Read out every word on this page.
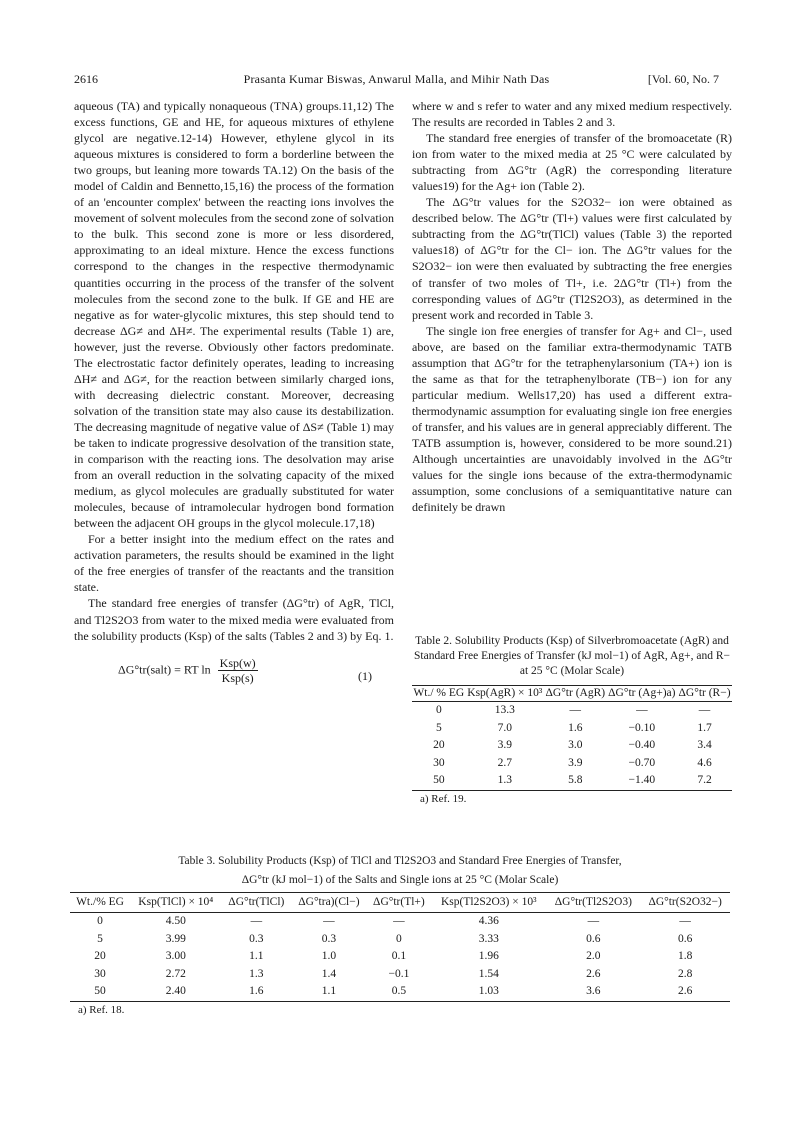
2616	Prasanta Kumar Biswas, Anwarul Malla, and Mihir Nath Das	[Vol. 60, No. 7

aqueous (TA) and typically nonaqueous (TNA) groups.11,12) The excess functions, GE and HE, for aqueous mixtures of ethylene glycol are negative.12-14) However, ethylene glycol in its aqueous mixtures is considered to form a borderline between the two groups, but leaning more towards TA.12) On the basis of the model of Caldin and Bennetto,15,16) the process of the formation of an 'encounter complex' between the reacting ions involves the movement of solvent molecules from the second zone of solvation to the bulk. This second zone is more or less disordered, approximating to an ideal mixture. Hence the excess functions correspond to the changes in the respective thermodynamic quantities occurring in the process of the transfer of the solvent molecules from the second zone to the bulk. If GE and HE are negative as for water-glycolic mixtures, this step should tend to decrease ΔG≠ and ΔH≠. The experimental results (Table 1) are, however, just the reverse. Obviously other factors predominate. The electrostatic factor definitely operates, leading to increasing ΔH≠ and ΔG≠, for the reaction between similarly charged ions, with decreasing dielectric constant. Moreover, decreasing solvation of the transition state may also cause its destabilization. The decreasing magnitude of negative value of ΔS≠ (Table 1) may be taken to indicate progressive desolvation of the transition state, in comparison with the reacting ions. The desolvation may arise from an overall reduction in the solvating capacity of the mixed medium, as glycol molecules are gradually substituted for water molecules, because of intramolecular hydrogen bond formation between the adjacent OH groups in the glycol molecule.17,18)

For a better insight into the medium effect on the rates and activation parameters, the results should be examined in the light of the free energies of transfer of the reactants and the transition state.

The standard free energies of transfer (ΔG°tr) of AgR, TlCl, and Tl2S2O3 from water to the mixed media were evaluated from the solubility products (Ksp) of the salts (Tables 2 and 3) by Eq. 1.

ΔG°tr(salt) = RT $\ln \frac{\text{Ksp(w)}}{\text{Ksp(s)}}$	(1)

where w and s refer to water and any mixed medium respectively. The results are recorded in Tables 2 and 3.

The standard free energies of transfer of the bromoacetate (R) ion from water to the mixed media at 25 °C were calculated by subtracting from ΔG°tr (AgR) the corresponding literature values19) for the Ag+ ion (Table 2).

The ΔG°tr values for the S2O32− ion were obtained as described below. The ΔG°tr (Tl+) values were first calculated by subtracting from the ΔG°tr(TlCl) values (Table 3) the reported values18) of ΔG°tr for the Cl− ion. The ΔG°tr values for the S2O32− ion were then evaluated by subtracting the free energies of transfer of two moles of Tl+, i.e. 2ΔG°tr (Tl+) from the corresponding values of ΔG°tr (Tl2S2O3), as determined in the present work and recorded in Table 3.

The single ion free energies of transfer for Ag+ and Cl−, used above, are based on the familiar extra-thermodynamic TATB assumption that ΔG°tr for the tetraphenylarsonium (TA+) ion is the same as that for the tetraphenylborate (TB−) ion for any particular medium. Wells17,20) has used a different extra-thermodynamic assumption for evaluating single ion free energies of transfer, and his values are in general appreciably different. The TATB assumption is, however, considered to be more sound.21) Although uncertainties are unavoidably involved in the ΔG°tr values for the single ions because of the extra-thermodynamic assumption, some conclusions of a semiquantitative nature can definitely be drawn

Table 2. Solubility Products (Ksp) of Silverbromoacetate (AgR) and Standard Free Energies of Transfer (kJ mol−1) of AgR, Ag+, and R− at 25 °C (Molar Scale)
Wt./ % EG	Ksp(AgR) × 10³	ΔG°tr (AgR)	ΔG°tr (Ag+)a)	ΔG°tr (R−)
0	13.3	—	—	—
5	7.0	1.6	−0.10	1.7
20	3.9	3.0	−0.40	3.4
30	2.7	3.9	−0.70	4.6
50	1.3	5.8	−1.40	7.2
a) Ref. 19.
Table 3. Solubility Products (Ksp) of TlCl and Tl2S2O3 and Standard Free Energies of Transfer,
ΔG°tr (kJ mol−1) of the Salts and Single ions at 25 °C (Molar Scale)
Wt./% EG	Ksp(TlCl) × 10⁴	ΔG°tr(TlCl)	ΔG°tra)(Cl−)	ΔG°tr(Tl+)	Ksp(Tl2S2O3) × 10³	ΔG°tr(Tl2S2O3)	ΔG°tr(S2O32−)
0	4.50	—	—	—	4.36	—	—
5	3.99	0.3	0.3	0	3.33	0.6	0.6
20	3.00	1.1	1.0	0.1	1.96	2.0	1.8
30	2.72	1.3	1.4	−0.1	1.54	2.6	2.8
50	2.40	1.6	1.1	0.5	1.03	3.6	2.6
a) Ref. 18.
